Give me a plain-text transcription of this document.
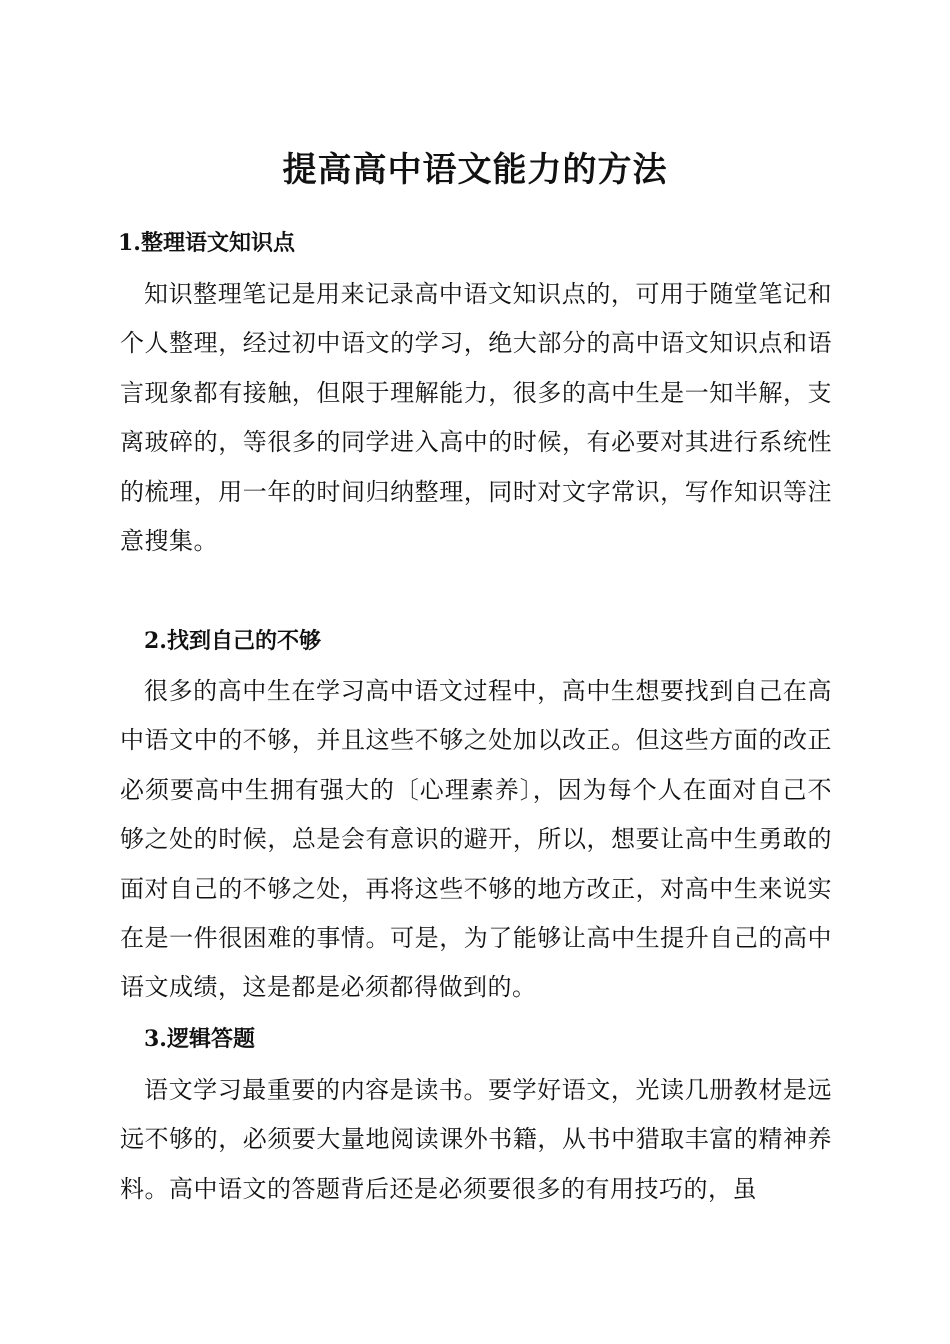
提高高中语文能力的方法
1.整理语文知识点

知识整理笔记是用来记录高中语文知识点的，可用于随堂笔记和个人整理，经过初中语文的学习，绝大部分的高中语文知识点和语言现象都有接触，但限于理解能力，很多的高中生是一知半解，支离玻碎的，等很多的同学进入高中的时候，有必要对其进行系统性的梳理，用一年的时间归纳整理，同时对文字常识，写作知识等注意搜集。

2.找到自己的不够

很多的高中生在学习高中语文过程中，高中生想要找到自己在高中语文中的不够，并且这些不够之处加以改正。但这些方面的改正必须要高中生拥有强大的〔心理素养〕，因为每个人在面对自己不够之处的时候，总是会有意识的避开，所以，想要让高中生勇敢的面对自己的不够之处，再将这些不够的地方改正，对高中生来说实在是一件很困难的事情。可是，为了能够让高中生提升自己的高中语文成绩，这是都是必须都得做到的。

3.逻辑答题

语文学习最重要的内容是读书。要学好语文，光读几册教材是远远不够的，必须要大量地阅读课外书籍，从书中猎取丰富的精神养料。高中语文的答题背后还是必须要很多的有用技巧的，虽
